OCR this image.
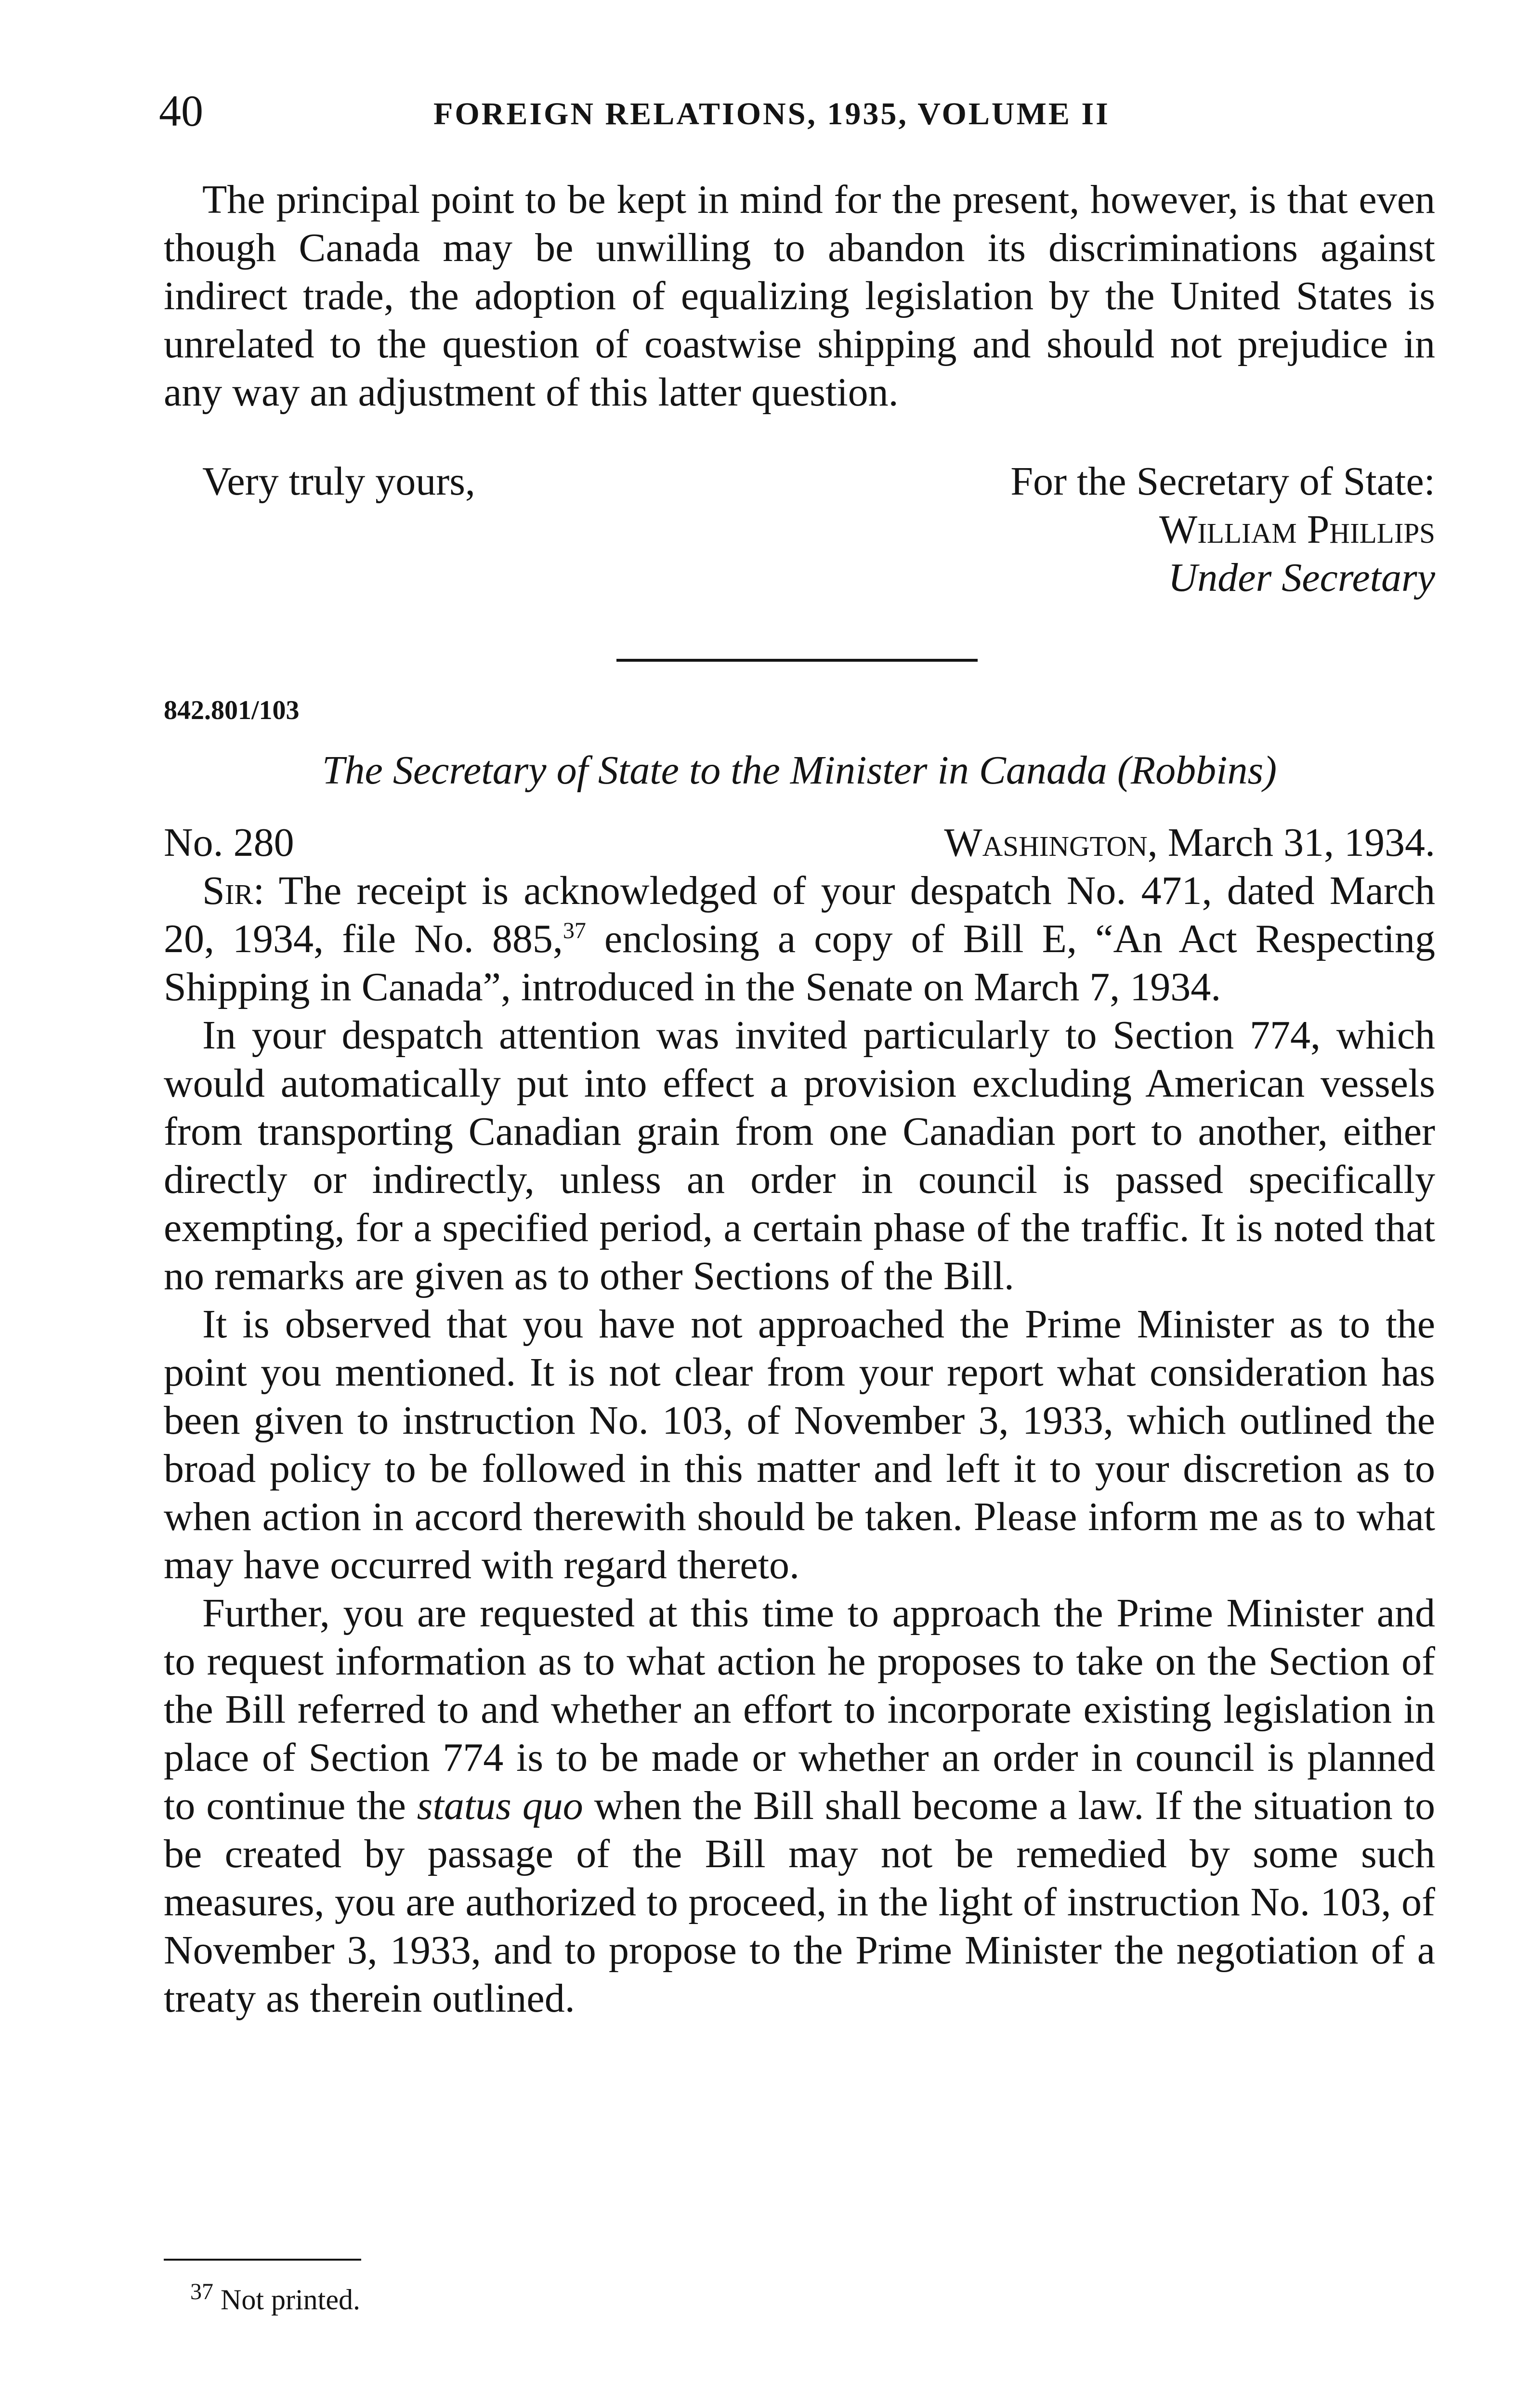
40	FOREIGN RELATIONS, 1935, VOLUME II

The principal point to be kept in mind for the present, however, is that even though Canada may be unwilling to abandon its discriminations against indirect trade, the adoption of equalizing legislation by the United States is unrelated to the question of coastwise shipping and should not prejudice in any way an adjustment of this latter question.

Very truly yours,	For the Secretary of State:
William Phillips
Under Secretary
842.801/103
The Secretary of State to the Minister in Canada (Robbins)
No. 280	Washington, March 31, 1934.

Sir: The receipt is acknowledged of your despatch No. 471, dated March 20, 1934, file No. 885,37 enclosing a copy of Bill E, “An Act Respecting Shipping in Canada”, introduced in the Senate on March 7, 1934.

In your despatch attention was invited particularly to Section 774, which would automatically put into effect a provision excluding American vessels from transporting Canadian grain from one Canadian port to another, either directly or indirectly, unless an order in council is passed specifically exempting, for a specified period, a certain phase of the traffic. It is noted that no remarks are given as to other Sections of the Bill.

It is observed that you have not approached the Prime Minister as to the point you mentioned. It is not clear from your report what consideration has been given to instruction No. 103, of November 3, 1933, which outlined the broad policy to be followed in this matter and left it to your discretion as to when action in accord therewith should be taken. Please inform me as to what may have occurred with regard thereto.

Further, you are requested at this time to approach the Prime Minister and to request information as to what action he proposes to take on the Section of the Bill referred to and whether an effort to incorporate existing legislation in place of Section 774 is to be made or whether an order in council is planned to continue the status quo when the Bill shall become a law. If the situation to be created by passage of the Bill may not be remedied by some such measures, you are authorized to proceed, in the light of instruction No. 103, of November 3, 1933, and to propose to the Prime Minister the negotiation of a treaty as therein outlined.

$^{37}$ Not printed.
